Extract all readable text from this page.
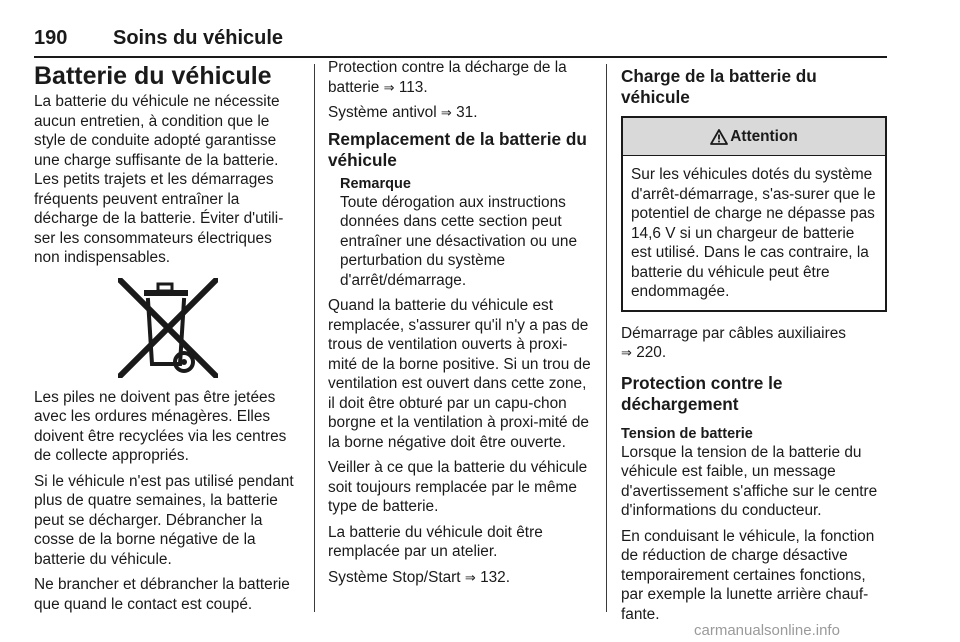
190 Soins du véhicule
Batterie du véhicule

La batterie du véhicule ne nécessite aucun entretien, à condition que le style de conduite adopté garantisse une charge suffisante de la batterie. Les petits trajets et les démarrages fréquents peuvent entraîner la décharge de la batterie. Éviter d'utili-ser les consommateurs électriques non indispensables.

Les piles ne doivent pas être jetées avec les ordures ménagères. Elles doivent être recyclées via les centres de collecte appropriés.

Si le véhicule n'est pas utilisé pendant plus de quatre semaines, la batterie peut se décharger. Débrancher la cosse de la borne négative de la batterie du véhicule.

Ne brancher et débrancher la batterie que quand le contact est coupé.

Protection contre la décharge de la batterie ⇒ 113.

Système antivol ⇒ 31.

Remplacement de la batterie du véhicule
Remarque
Toute dérogation aux instructions données dans cette section peut entraîner une désactivation ou une perturbation du système d'arrêt/démarrage.

Quand la batterie du véhicule est remplacée, s'assurer qu'il n'y a pas de trous de ventilation ouverts à proxi-mité de la borne positive. Si un trou de ventilation est ouvert dans cette zone, il doit être obturé par un capu-chon borgne et la ventilation à proxi-mité de la borne négative doit être ouverte.

Veiller à ce que la batterie du véhicule soit toujours remplacée par le même type de batterie.

La batterie du véhicule doit être remplacée par un atelier.

Système Stop/Start ⇒ 132.

Charge de la batterie du véhicule
Attention
Sur les véhicules dotés du système d'arrêt-démarrage, s'as-surer que le potentiel de charge ne dépasse pas 14,6 V si un chargeur de batterie est utilisé. Dans le cas contraire, la batterie du véhicule peut être endommagée.

Démarrage par câbles auxiliaires
⇒ 220.

Protection contre le déchargement
Tension de batterie

Lorsque la tension de la batterie du véhicule est faible, un message d'avertissement s'affiche sur le centre d'informations du conducteur.

En conduisant le véhicule, la fonction de réduction de charge désactive temporairement certaines fonctions, par exemple la lunette arrière chauf-fante.

carmanualsonline.info
